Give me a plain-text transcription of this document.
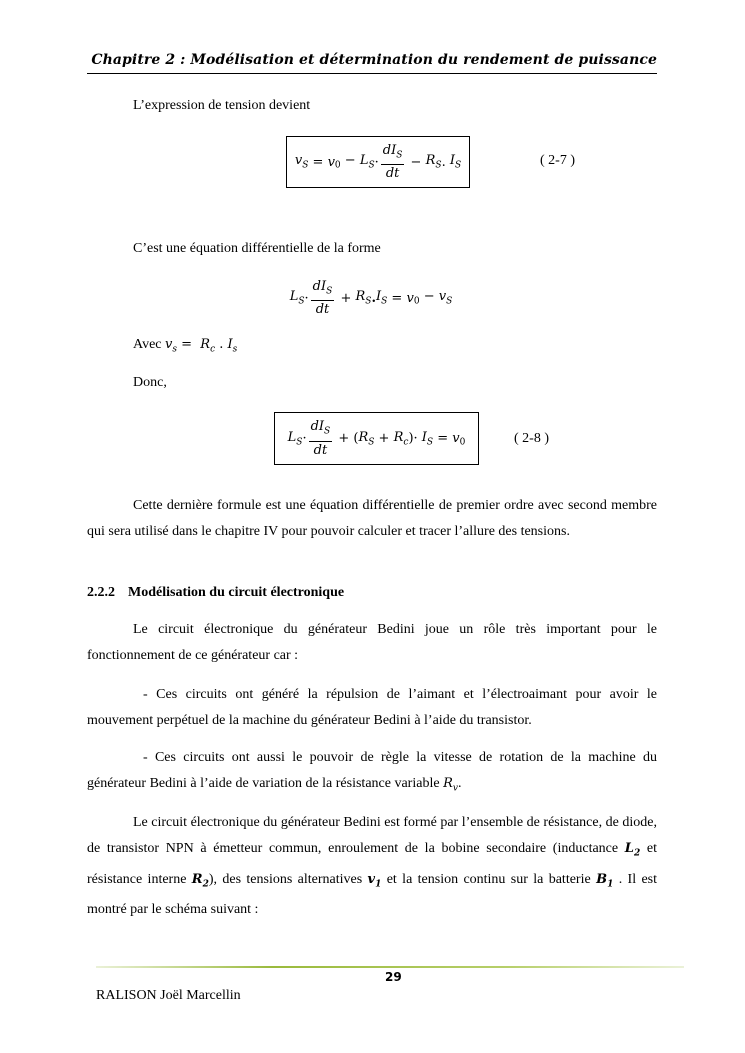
Chapitre 2 : Modélisation et détermination du rendement de puissance
L’expression de tension devient
$v_S = v$ $_0 - L_S \cdot \frac{dI_S}{dt} - R_S$ . $I_S$	( 2-7 )
C’est une équation différentielle de la forme
$L_S \cdot \frac{dI_S}{dt} + R_S$ . $I_S = v$ $_0 - v_S$
Avec $v_s = R_c$ . $I_s$
Donc,
$L_S \cdot \frac{dI_S}{dt}$ + ( $R_S + R_c$ )· $I_S = v$ $_0$	( 2-8 )
Cette dernière formule est une équation différentielle de premier ordre avec second membre qui sera utilisé dans le chapitre IV pour pouvoir calculer et tracer l’allure des tensions.
2.2.2 Modélisation du circuit électronique
Le circuit électronique du générateur Bedini joue un rôle très important pour le fonctionnement de ce générateur car :
- Ces circuits ont généré la répulsion de l’aimant et l’électroaimant pour avoir le mouvement perpétuel de la machine du générateur Bedini à l’aide du transistor.
- Ces circuits ont aussi le pouvoir de règle la vitesse de rotation de la machine du générateur Bedini à l’aide de variation de la résistance variable $R_v$.
Le circuit électronique du générateur Bedini est formé par l’ensemble de résistance, de diode, de transistor NPN à émetteur commun, enroulement de la bobine secondaire (inductance $L_2$ et résistance interne $R_2$), des tensions alternatives $v_1$ et la tension continu sur la batterie $B_1$ . Il est montré par le schéma suivant :
29
RALISON Joël Marcellin
